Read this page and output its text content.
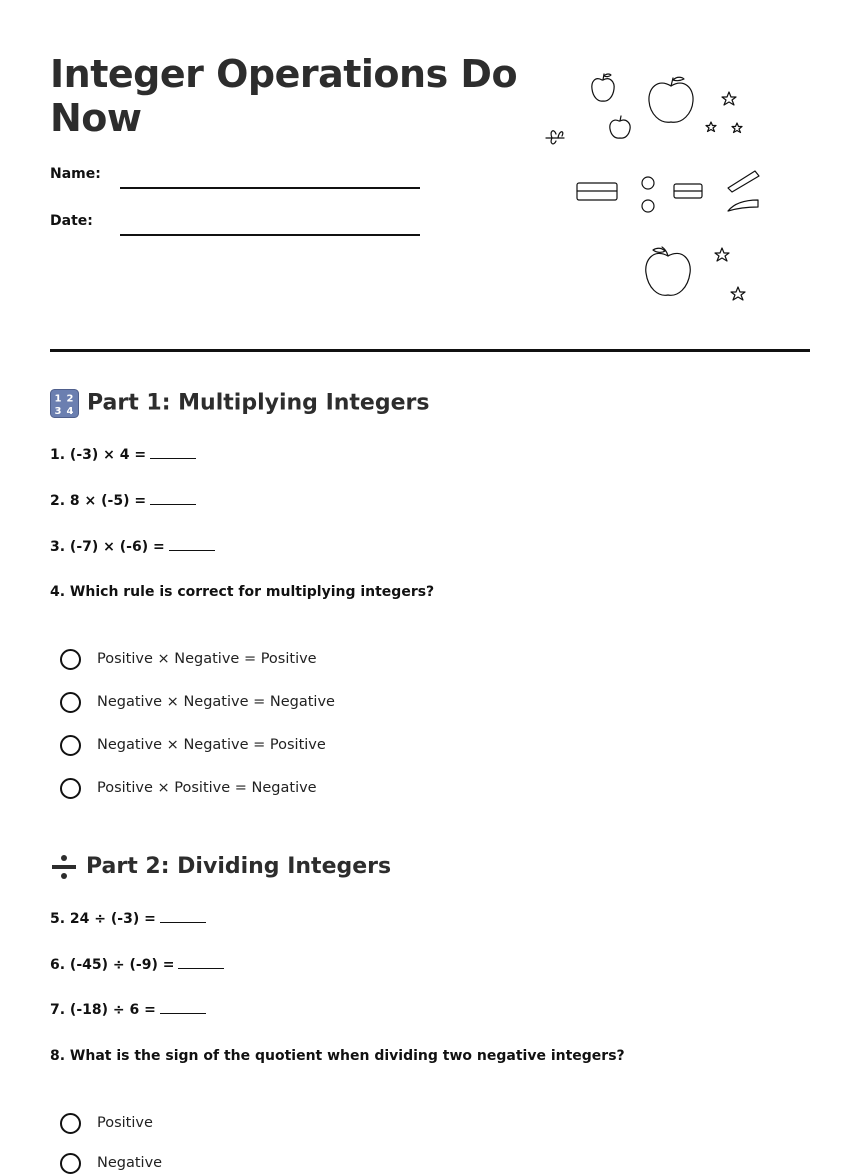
Integer Operations Do Now
Name:
Date:
1 2
3 4 Part 1: Multiplying Integers
1. (-3) × 4 =
2. 8 × (-5) =
3. (-7) × (-6) =
4. Which rule is correct for multiplying integers?
Positive × Negative = Positive
Negative × Negative = Negative
Negative × Negative = Positive
Positive × Positive = Negative
Part 2: Dividing Integers
5. 24 ÷ (-3) =
6. (-45) ÷ (-9) =
7. (-18) ÷ 6 =
8. What is the sign of the quotient when dividing two negative integers?
Positive
Negative
